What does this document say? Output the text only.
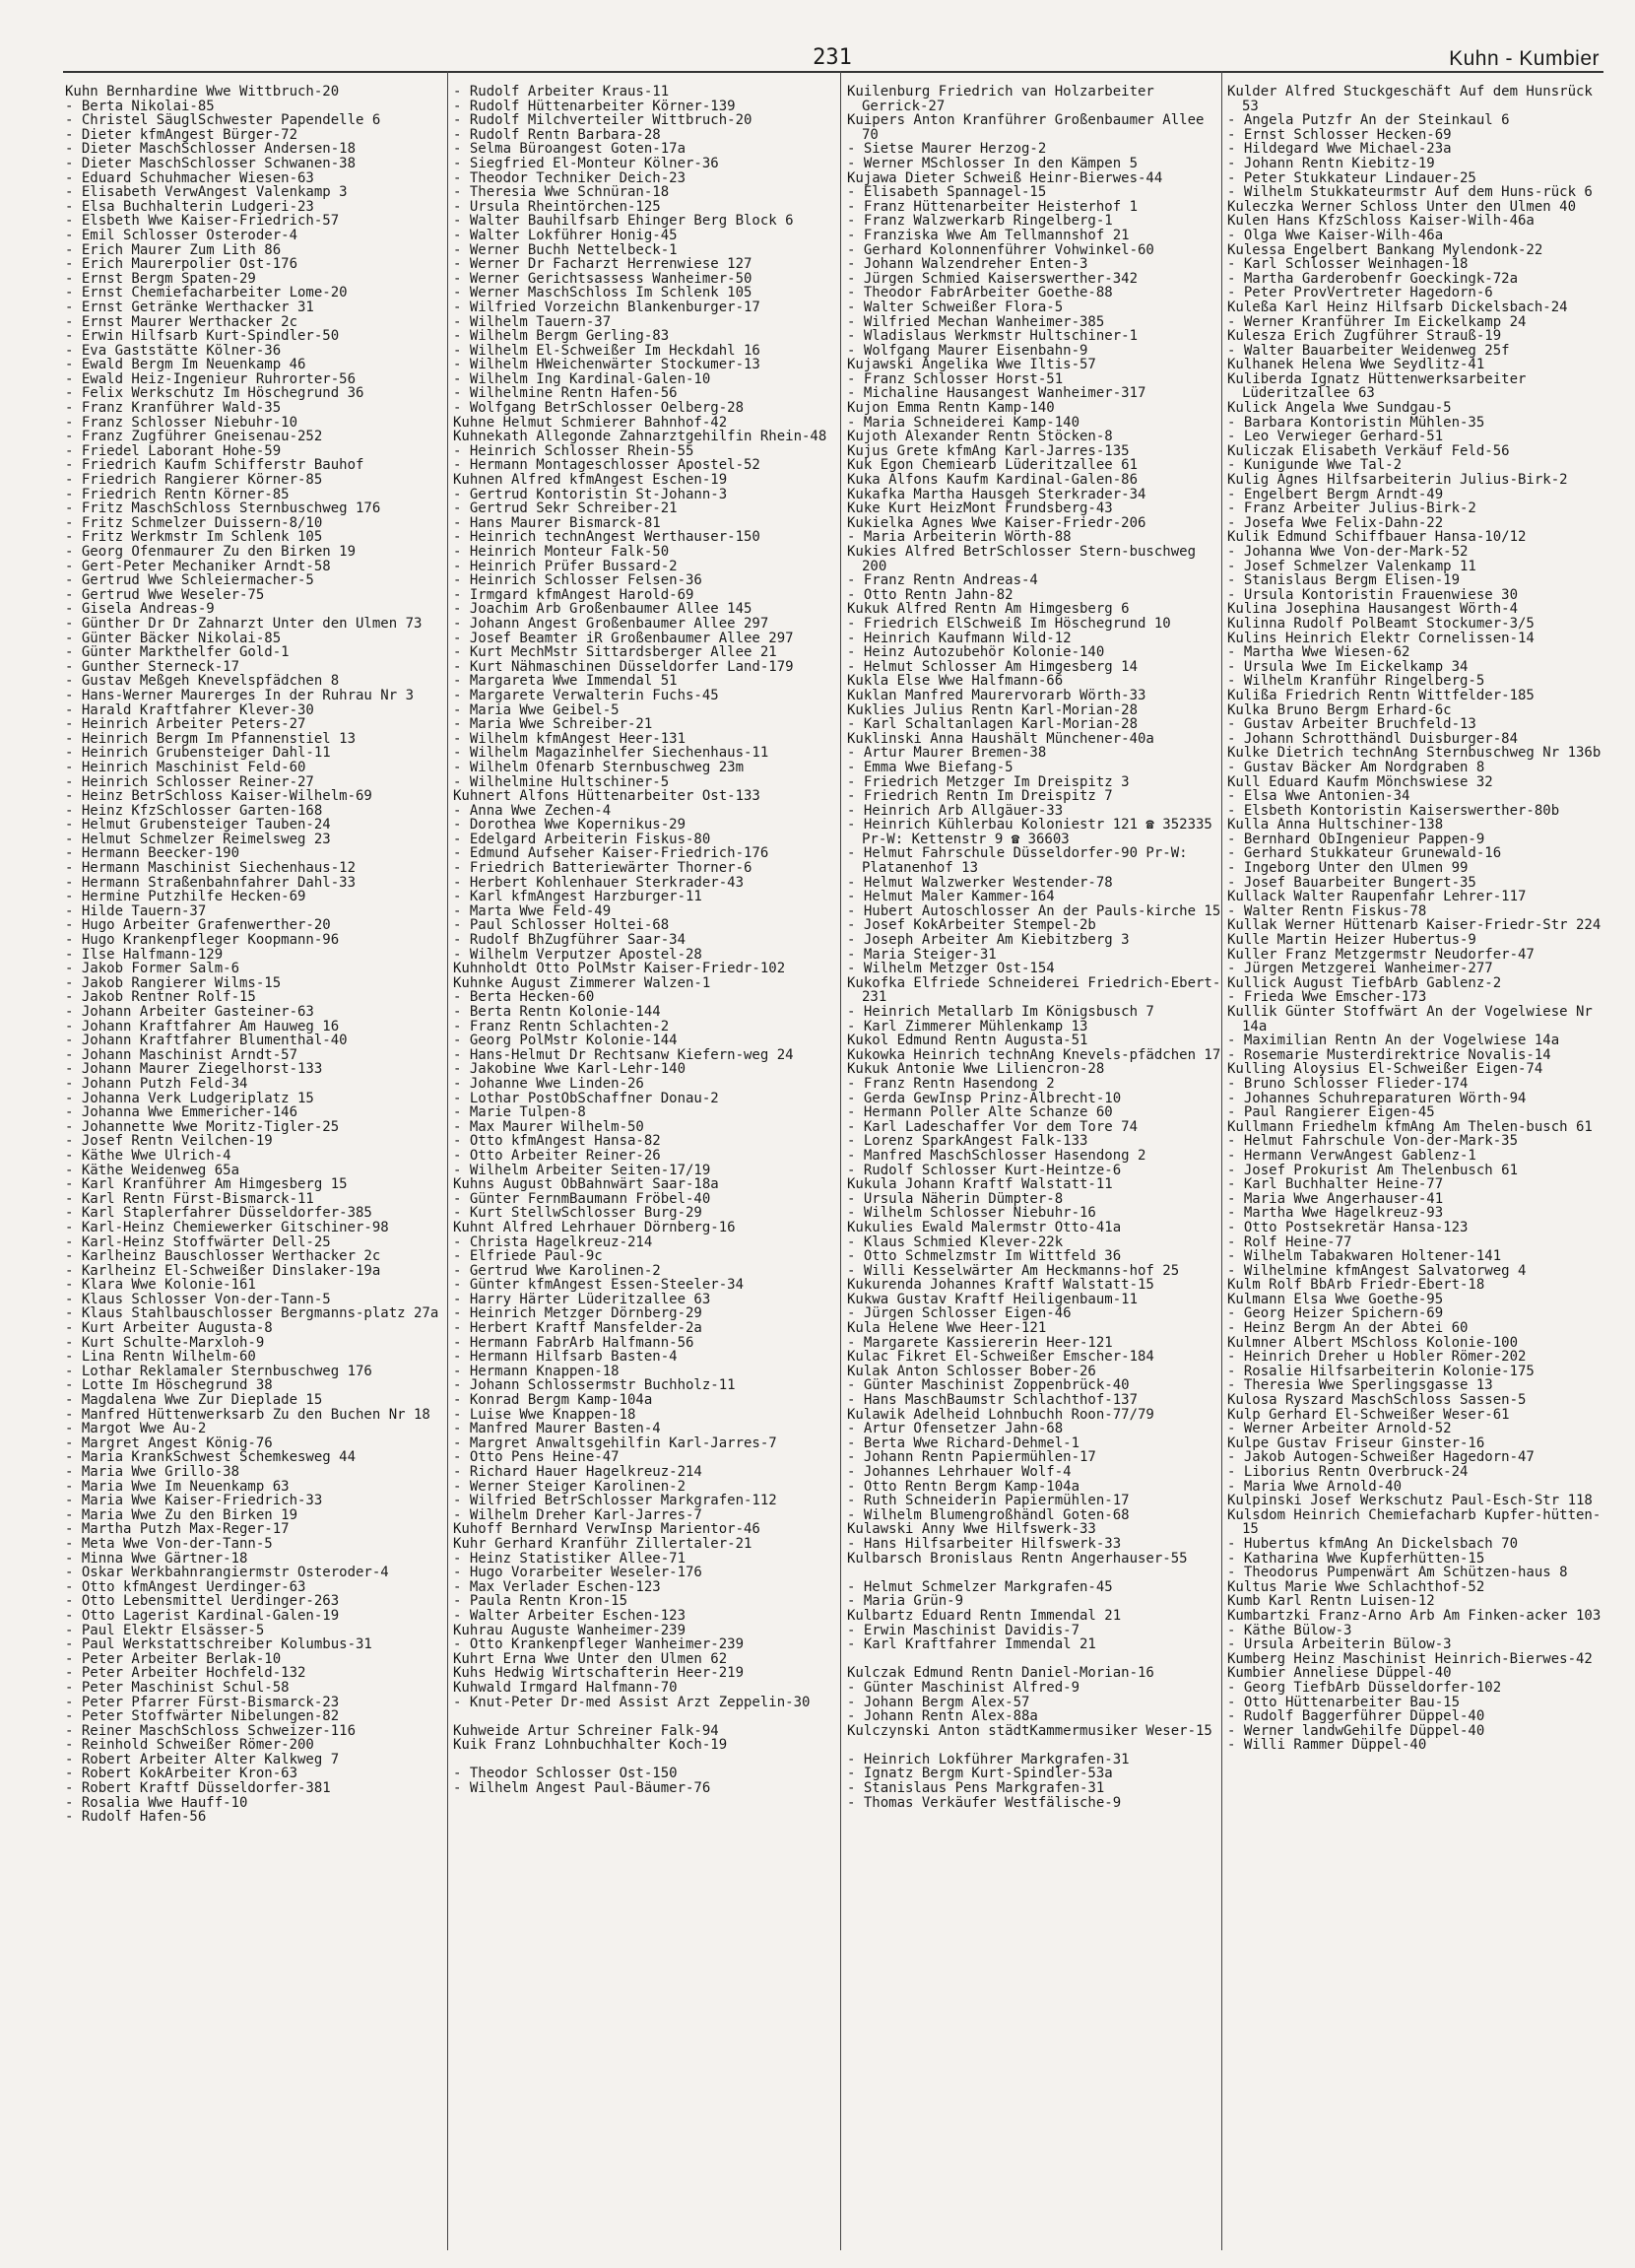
231	Kuhn - Kumbier
Kuhn Bernhardine Wwe Wittbruch-20
- Berta Nikolai-85
- Christel SäuglSchwester Papendelle 6
- Dieter kfmAngest Bürger-72
- Dieter MaschSchlosser Andersen-18
- Dieter MaschSchlosser Schwanen-38
- Eduard Schuhmacher Wiesen-63
- Elisabeth VerwAngest Valenkamp 3
- Elsa Buchhalterin Ludgeri-23
- Elsbeth Wwe Kaiser-Friedrich-57
- Emil Schlosser Osteroder-4
- Erich Maurer Zum Lith 86
- Erich Maurerpolier Ost-176
- Ernst Bergm Spaten-29
- Ernst Chemiefacharbeiter Lome-20
- Ernst Getränke Werthacker 31
- Ernst Maurer Werthacker 2c
- Erwin Hilfsarb Kurt-Spindler-50
- Eva Gaststätte Kölner-36
- Ewald Bergm Im Neuenkamp 46
- Ewald Heiz-Ingenieur Ruhrorter-56
- Felix Werkschutz Im Höschegrund 36
- Franz Kranführer Wald-35
- Franz Schlosser Niebuhr-10
- Franz Zugführer Gneisenau-252
- Friedel Laborant Hohe-59
- Friedrich Kaufm Schifferstr Bauhof
- Friedrich Rangierer Körner-85
- Friedrich Rentn Körner-85
- Fritz MaschSchloss Sternbuschweg 176
- Fritz Schmelzer Duissern-8/10
- Fritz Werkmstr Im Schlenk 105
- Georg Ofenmaurer Zu den Birken 19
- Gert-Peter Mechaniker Arndt-58
- Gertrud Wwe Schleiermacher-5
- Gertrud Wwe Weseler-75
- Gisela Andreas-9
- Günther Dr Dr Zahnarzt Unter den Ulmen 73
- Günter Bäcker Nikolai-85
- Günter Markthelfer Gold-1
- Gunther Sterneck-17
- Gustav Meßgeh Knevelspfädchen 8
- Hans-Werner Maurerges In der Ruhrau Nr 3
- Harald Kraftfahrer Klever-30
- Heinrich Arbeiter Peters-27
- Heinrich Bergm Im Pfannenstiel 13
- Heinrich Grubensteiger Dahl-11
- Heinrich Maschinist Feld-60
- Heinrich Schlosser Reiner-27
- Heinz BetrSchloss Kaiser-Wilhelm-69
- Heinz KfzSchlosser Garten-168
- Helmut Grubensteiger Tauben-24
- Helmut Schmelzer Reimelsweg 23
- Hermann Beecker-190
- Hermann Maschinist Siechenhaus-12
- Hermann Straßenbahnfahrer Dahl-33
- Hermine Putzhilfe Hecken-69
- Hilde Tauern-37
- Hugo Arbeiter Grafenwerther-20
- Hugo Krankenpfleger Koopmann-96
- Ilse Halfmann-129
- Jakob Former Salm-6
- Jakob Rangierer Wilms-15
- Jakob Rentner Rolf-15
- Johann Arbeiter Gasteiner-63
- Johann Kraftfahrer Am Hauweg 16
- Johann Kraftfahrer Blumenthal-40
- Johann Maschinist Arndt-57
- Johann Maurer Ziegelhorst-133
- Johann Putzh Feld-34
- Johanna Verk Ludgeriplatz 15
- Johanna Wwe Emmericher-146
- Johannette Wwe Moritz-Tigler-25
- Josef Rentn Veilchen-19
- Käthe Wwe Ulrich-4
- Käthe Weidenweg 65a
- Karl Kranführer Am Himgesberg 15
- Karl Rentn Fürst-Bismarck-11
- Karl Staplerfahrer Düsseldorfer-385
- Karl-Heinz Chemiewerker Gitschiner-98
- Karl-Heinz Stoffwärter Dell-25
- Karlheinz Bauschlosser Werthacker 2c
- Karlheinz El-Schweißer Dinslaker-19a
- Klara Wwe Kolonie-161
- Klaus Schlosser Von-der-Tann-5
- Klaus Stahlbauschlosser Bergmanns-platz 27a
- Kurt Arbeiter Augusta-8
- Kurt Schulte-Marxloh-9
- Lina Rentn Wilhelm-60
- Lothar Reklamaler Sternbuschweg 176
- Lotte Im Höschegrund 38
- Magdalena Wwe Zur Dieplade 15
- Manfred Hüttenwerksarb Zu den Buchen Nr 18
- Margot Wwe Au-2
- Margret Angest König-76
- Maria KrankSchwest Schemkesweg 44
- Maria Wwe Grillo-38
- Maria Wwe Im Neuenkamp 63
- Maria Wwe Kaiser-Friedrich-33
- Maria Wwe Zu den Birken 19
- Martha Putzh Max-Reger-17
- Meta Wwe Von-der-Tann-5
- Minna Wwe Gärtner-18
- Oskar Werkbahnrangiermstr Osteroder-4
- Otto kfmAngest Uerdinger-63
- Otto Lebensmittel Uerdinger-263
- Otto Lagerist Kardinal-Galen-19
- Paul Elektr Elsässer-5
- Paul Werkstattschreiber Kolumbus-31
- Peter Arbeiter Berlak-10
- Peter Arbeiter Hochfeld-132
- Peter Maschinist Schul-58
- Peter Pfarrer Fürst-Bismarck-23
- Peter Stoffwärter Nibelungen-82
- Reiner MaschSchloss Schweizer-116
- Reinhold Schweißer Römer-200
- Robert Arbeiter Alter Kalkweg 7
- Robert KokArbeiter Kron-63
- Robert Kraftf Düsseldorfer-381
- Rosalia Wwe Hauff-10
- Rudolf Hafen-56
- Rudolf Arbeiter Kraus-11
- Rudolf Hüttenarbeiter Körner-139
- Rudolf Milchverteiler Wittbruch-20
- Rudolf Rentn Barbara-28
- Selma Büroangest Goten-17a
- Siegfried El-Monteur Kölner-36
- Theodor Techniker Deich-23
- Theresia Wwe Schnüran-18
- Ursula Rheintörchen-125
- Walter Bauhilfsarb Ehinger Berg Block 6
- Walter Lokführer Honig-45
- Werner Buchh Nettelbeck-1
- Werner Dr Facharzt Herrenwiese 127
- Werner Gerichtsassess Wanheimer-50
- Werner MaschSchloss Im Schlenk 105
- Wilfried Vorzeichn Blankenburger-17
- Wilhelm Tauern-37
- Wilhelm Bergm Gerling-83
- Wilhelm El-Schweißer Im Heckdahl 16
- Wilhelm HWeichenwärter Stockumer-13
- Wilhelm Ing Kardinal-Galen-10
- Wilhelmine Rentn Hafen-56
- Wolfgang BetrSchlosser Oelberg-28
Kuhne Helmut Schmierer Bahnhof-42
Kuhnekath Allegonde Zahnarztgehilfin Rhein-48
- Heinrich Schlosser Rhein-55
- Hermann Montageschlosser Apostel-52
Kuhnen Alfred kfmAngest Eschen-19
- Gertrud Kontoristin St-Johann-3
- Gertrud Sekr Schreiber-21
- Hans Maurer Bismarck-81
- Heinrich technAngest Werthauser-150
- Heinrich Monteur Falk-50
- Heinrich Prüfer Bussard-2
- Heinrich Schlosser Felsen-36
- Irmgard kfmAngest Harold-69
- Joachim Arb Großenbaumer Allee 145
- Johann Angest Großenbaumer Allee 297
- Josef Beamter iR Großenbaumer Allee 297
- Kurt MechMstr Sittardsberger Allee 21
- Kurt Nähmaschinen Düsseldorfer Land-179
- Margareta Wwe Immendal 51
- Margarete Verwalterin Fuchs-45
- Maria Wwe Geibel-5
- Maria Wwe Schreiber-21
- Wilhelm kfmAngest Heer-131
- Wilhelm Magazinhelfer Siechenhaus-11
- Wilhelm Ofenarb Sternbuschweg 23m
- Wilhelmine Hultschiner-5
Kuhnert Alfons Hüttenarbeiter Ost-133
- Anna Wwe Zechen-4
- Dorothea Wwe Kopernikus-29
- Edelgard Arbeiterin Fiskus-80
- Edmund Aufseher Kaiser-Friedrich-176
- Friedrich Batteriewärter Thorner-6
- Herbert Kohlenhauer Sterkrader-43
- Karl kfmAngest Harzburger-11
- Marta Wwe Feld-49
- Paul Schlosser Holtei-68
- Rudolf BhZugführer Saar-34
- Wilhelm Verputzer Apostel-28
Kuhnholdt Otto PolMstr Kaiser-Friedr-102
Kuhnke August Zimmerer Walzen-1
- Berta Hecken-60
- Berta Rentn Kolonie-144
- Franz Rentn Schlachten-2
- Georg PolMstr Kolonie-144
- Hans-Helmut Dr Rechtsanw Kiefern-weg 24
- Jakobine Wwe Karl-Lehr-140
- Johanne Wwe Linden-26
- Lothar PostObSchaffner Donau-2
- Marie Tulpen-8
- Max Maurer Wilhelm-50
- Otto kfmAngest Hansa-82
- Otto Arbeiter Reiner-26
- Wilhelm Arbeiter Seiten-17/19
Kuhns August ObBahnwärt Saar-18a
- Günter FernmBaumann Fröbel-40
- Kurt StellwSchlosser Burg-29
Kuhnt Alfred Lehrhauer Dörnberg-16
- Christa Hagelkreuz-214
- Elfriede Paul-9c
- Gertrud Wwe Karolinen-2
- Günter kfmAngest Essen-Steeler-34
- Harry Härter Lüderitzallee 63
- Heinrich Metzger Dörnberg-29
- Herbert Kraftf Mansfelder-2a
- Hermann FabrArb Halfmann-56
- Hermann Hilfsarb Basten-4
- Hermann Knappen-18
- Johann Schlossermstr Buchholz-11
- Konrad Bergm Kamp-104a
- Luise Wwe Knappen-18
- Manfred Maurer Basten-4
- Margret Anwaltsgehilfin Karl-Jarres-7
- Otto Pens Heine-47
- Richard Hauer Hagelkreuz-214
- Werner Steiger Karolinen-2
- Wilfried BetrSchlosser Markgrafen-112
- Wilhelm Dreher Karl-Jarres-7
Kuhoff Bernhard VerwInsp Marientor-46
Kuhr Gerhard Kranführ Zillertaler-21
- Heinz Statistiker Allee-71
- Hugo Vorarbeiter Weseler-176
- Max Verlader Eschen-123
- Paula Rentn Kron-15
- Walter Arbeiter Eschen-123
Kuhrau Auguste Wanheimer-239
- Otto Krankenpfleger Wanheimer-239
Kuhrt Erna Wwe Unter den Ulmen 62
Kuhs Hedwig Wirtschafterin Heer-219
Kuhwald Irmgard Halfmann-70
- Knut-Peter Dr-med Assist Arzt Zeppelin-30

Kuhweide Artur Schreiner Falk-94
Kuik Franz Lohnbuchhalter Koch-19

- Theodor Schlosser Ost-150
- Wilhelm Angest Paul-Bäumer-76
Kuilenburg Friedrich van Holzarbeiter Gerrick-27
Kuipers Anton Kranführer Großenbaumer Allee 70
- Sietse Maurer Herzog-2
- Werner MSchlosser In den Kämpen 5
Kujawa Dieter Schweiß Heinr-Bierwes-44
- Elisabeth Spannagel-15
- Franz Hüttenarbeiter Heisterhof 1
- Franz Walzwerkarb Ringelberg-1
- Franziska Wwe Am Tellmannshof 21
- Gerhard Kolonnenführer Vohwinkel-60
- Johann Walzendreher Enten-3
- Jürgen Schmied Kaiserswerther-342
- Theodor FabrArbeiter Goethe-88
- Walter Schweißer Flora-5
- Wilfried Mechan Wanheimer-385
- Wladislaus Werkmstr Hultschiner-1
- Wolfgang Maurer Eisenbahn-9
Kujawski Angelika Wwe Iltis-57
- Franz Schlosser Horst-51
- Michaline Hausangest Wanheimer-317
Kujon Emma Rentn Kamp-140
- Maria Schneiderei Kamp-140
Kujoth Alexander Rentn Stöcken-8
Kujus Grete kfmAng Karl-Jarres-135
Kuk Egon Chemiearb Lüderitzallee 61
Kuka Alfons Kaufm Kardinal-Galen-86
Kukafka Martha Hausgeh Sterkrader-34
Kuke Kurt HeizMont Frundsberg-43
Kukielka Agnes Wwe Kaiser-Friedr-206
- Maria Arbeiterin Wörth-88
Kukies Alfred BetrSchlosser Stern-buschweg 200
- Franz Rentn Andreas-4
- Otto Rentn Jahn-82
Kukuk Alfred Rentn Am Himgesberg 6
- Friedrich ElSchweiß Im Höschegrund 10
- Heinrich Kaufmann Wild-12
- Heinz Autozubehör Kolonie-140
- Helmut Schlosser Am Himgesberg 14
Kukla Else Wwe Halfmann-66
Kuklan Manfred Maurervorarb Wörth-33
Kuklies Julius Rentn Karl-Morian-28
- Karl Schaltanlagen Karl-Morian-28
Kuklinski Anna Haushält Münchener-40a
- Artur Maurer Bremen-38
- Emma Wwe Biefang-5
- Friedrich Metzger Im Dreispitz 3
- Friedrich Rentn Im Dreispitz 7
- Heinrich Arb Allgäuer-33
- Heinrich Kühlerbau Koloniestr 121 ☎ 352335 Pr-W: Kettenstr 9 ☎ 36603
- Helmut Fahrschule Düsseldorfer-90 Pr-W: Platanenhof 13
- Helmut Walzwerker Westender-78
- Helmut Maler Kammer-164
- Hubert Autoschlosser An der Pauls-kirche 15
- Josef KokArbeiter Stempel-2b
- Joseph Arbeiter Am Kiebitzberg 3
- Maria Steiger-31
- Wilhelm Metzger Ost-154
Kukofka Elfriede Schneiderei Friedrich-Ebert-231
- Heinrich Metallarb Im Königsbusch 7
- Karl Zimmerer Mühlenkamp 13
Kukol Edmund Rentn Augusta-51
Kukowka Heinrich technAng Knevels-pfädchen 17
Kukuk Antonie Wwe Liliencron-28
- Franz Rentn Hasendong 2
- Gerda GewInsp Prinz-Albrecht-10
- Hermann Poller Alte Schanze 60
- Karl Ladeschaffer Vor dem Tore 74
- Lorenz SparkAngest Falk-133
- Manfred MaschSchlosser Hasendong 2
- Rudolf Schlosser Kurt-Heintze-6
Kukula Johann Kraftf Walstatt-11
- Ursula Näherin Dümpter-8
- Wilhelm Schlosser Niebuhr-16
Kukulies Ewald Malermstr Otto-41a
- Klaus Schmied Klever-22k
- Otto Schmelzmstr Im Wittfeld 36
- Willi Kesselwärter Am Heckmanns-hof 25
Kukurenda Johannes Kraftf Walstatt-15
Kukwa Gustav Kraftf Heiligenbaum-11
- Jürgen Schlosser Eigen-46
Kula Helene Wwe Heer-121
- Margarete Kassiererin Heer-121
Kulac Fikret El-Schweißer Emscher-184
Kulak Anton Schlosser Bober-26
- Günter Maschinist Zoppenbrück-40
- Hans MaschBaumstr Schlachthof-137
Kulawik Adelheid Lohnbuchh Roon-77/79
- Artur Ofensetzer Jahn-68
- Berta Wwe Richard-Dehmel-1
- Johann Rentn Papiermühlen-17
- Johannes Lehrhauer Wolf-4
- Otto Rentn Bergm Kamp-104a
- Ruth Schneiderin Papiermühlen-17
- Wilhelm Blumengroßhändl Goten-68
Kulawski Anny Wwe Hilfswerk-33
- Hans Hilfsarbeiter Hilfswerk-33
Kulbarsch Bronislaus Rentn Angerhauser-55

- Helmut Schmelzer Markgrafen-45
- Maria Grün-9
Kulbartz Eduard Rentn Immendal 21
- Erwin Maschinist Davidis-7
- Karl Kraftfahrer Immendal 21

Kulczak Edmund Rentn Daniel-Morian-16
- Günter Maschinist Alfred-9
- Johann Bergm Alex-57
- Johann Rentn Alex-88a
Kulczynski Anton städtKammermusiker Weser-15

- Heinrich Lokführer Markgrafen-31
- Ignatz Bergm Kurt-Spindler-53a
- Stanislaus Pens Markgrafen-31
- Thomas Verkäufer Westfälische-9
Kulder Alfred Stuckgeschäft Auf dem Hunsrück 53
- Angela Putzfr An der Steinkaul 6
- Ernst Schlosser Hecken-69
- Hildegard Wwe Michael-23a
- Johann Rentn Kiebitz-19
- Peter Stukkateur Lindauer-25
- Wilhelm Stukkateurmstr Auf dem Huns-rück 6
Kuleczka Werner Schloss Unter den Ulmen 40
Kulen Hans KfzSchloss Kaiser-Wilh-46a
- Olga Wwe Kaiser-Wilh-46a
Kulessa Engelbert Bankang Mylendonk-22
- Karl Schlosser Weinhagen-18
- Martha Garderobenfr Goeckingk-72a
- Peter ProvVertreter Hagedorn-6
Kuleßa Karl Heinz Hilfsarb Dickelsbach-24
- Werner Kranführer Im Eickelkamp 24
Kulesza Erich Zugführer Strauß-19
- Walter Bauarbeiter Weidenweg 25f
Kulhanek Helena Wwe Seydlitz-41
Kuliberda Ignatz Hüttenwerksarbeiter Lüderitzallee 63
Kulick Angela Wwe Sundgau-5
- Barbara Kontoristin Mühlen-35
- Leo Verwieger Gerhard-51
Kuliczak Elisabeth Verkäuf Feld-56
- Kunigunde Wwe Tal-2
Kulig Agnes Hilfsarbeiterin Julius-Birk-2
- Engelbert Bergm Arndt-49
- Franz Arbeiter Julius-Birk-2
- Josefa Wwe Felix-Dahn-22
Kulik Edmund Schiffbauer Hansa-10/12
- Johanna Wwe Von-der-Mark-52
- Josef Schmelzer Valenkamp 11
- Stanislaus Bergm Elisen-19
- Ursula Kontoristin Frauenwiese 30
Kulina Josephina Hausangest Wörth-4
Kulinna Rudolf PolBeamt Stockumer-3/5
Kulins Heinrich Elektr Cornelissen-14
- Martha Wwe Wiesen-62
- Ursula Wwe Im Eickelkamp 34
- Wilhelm Kranführ Ringelberg-5
Kulißa Friedrich Rentn Wittfelder-185
Kulka Bruno Bergm Erhard-6c
- Gustav Arbeiter Bruchfeld-13
- Johann Schrotthändl Duisburger-84
Kulke Dietrich technAng Sternbuschweg Nr 136b
- Gustav Bäcker Am Nordgraben 8
Kull Eduard Kaufm Mönchswiese 32
- Elsa Wwe Antonien-34
- Elsbeth Kontoristin Kaiserswerther-80b
Kulla Anna Hultschiner-138
- Bernhard ObIngenieur Pappen-9
- Gerhard Stukkateur Grunewald-16
- Ingeborg Unter den Ulmen 99
- Josef Bauarbeiter Bungert-35
Kullack Walter Raupenfahr Lehrer-117
- Walter Rentn Fiskus-78
Kullak Werner Hüttenarb Kaiser-Friedr-Str 224
Kulle Martin Heizer Hubertus-9
Kuller Franz Metzgermstr Neudorfer-47
- Jürgen Metzgerei Wanheimer-277
Kullick August TiefbArb Gablenz-2
- Frieda Wwe Emscher-173
Kullik Günter Stoffwärt An der Vogelwiese Nr 14a
- Maximilian Rentn An der Vogelwiese 14a
- Rosemarie Musterdirektrice Novalis-14
Kulling Aloysius El-Schweißer Eigen-74
- Bruno Schlosser Flieder-174
- Johannes Schuhreparaturen Wörth-94
- Paul Rangierer Eigen-45
Kullmann Friedhelm kfmAng Am Thelen-busch 61
- Helmut Fahrschule Von-der-Mark-35
- Hermann VerwAngest Gablenz-1
- Josef Prokurist Am Thelenbusch 61
- Karl Buchhalter Heine-77
- Maria Wwe Angerhauser-41
- Martha Wwe Hagelkreuz-93
- Otto Postsekretär Hansa-123
- Rolf Heine-77
- Wilhelm Tabakwaren Holtener-141
- Wilhelmine kfmAngest Salvatorweg 4
Kulm Rolf BbArb Friedr-Ebert-18
Kulmann Elsa Wwe Goethe-95
- Georg Heizer Spichern-69
- Heinz Bergm An der Abtei 60
Kulmner Albert MSchloss Kolonie-100
- Heinrich Dreher u Hobler Römer-202
- Rosalie Hilfsarbeiterin Kolonie-175
- Theresia Wwe Sperlingsgasse 13
Kulosa Ryszard MaschSchloss Sassen-5
Kulp Gerhard El-Schweißer Weser-61
- Werner Arbeiter Arnold-52
Kulpe Gustav Friseur Ginster-16
- Jakob Autogen-Schweißer Hagedorn-47
- Liborius Rentn Overbruck-24
- Maria Wwe Arnold-40
Kulpinski Josef Werkschutz Paul-Esch-Str 118
Kulsdom Heinrich Chemiefacharb Kupfer-hütten-15
- Hubertus kfmAng An Dickelsbach 70
- Katharina Wwe Kupferhütten-15
- Theodorus Pumpenwärt Am Schützen-haus 8
Kultus Marie Wwe Schlachthof-52
Kumb Karl Rentn Luisen-12
Kumbartzki Franz-Arno Arb Am Finken-acker 103
- Käthe Bülow-3
- Ursula Arbeiterin Bülow-3
Kumberg Heinz Maschinist Heinrich-Bierwes-42
Kumbier Anneliese Düppel-40
- Georg TiefbArb Düsseldorfer-102
- Otto Hüttenarbeiter Bau-15
- Rudolf Baggerführer Düppel-40
- Werner landwGehilfe Düppel-40
- Willi Rammer Düppel-40
